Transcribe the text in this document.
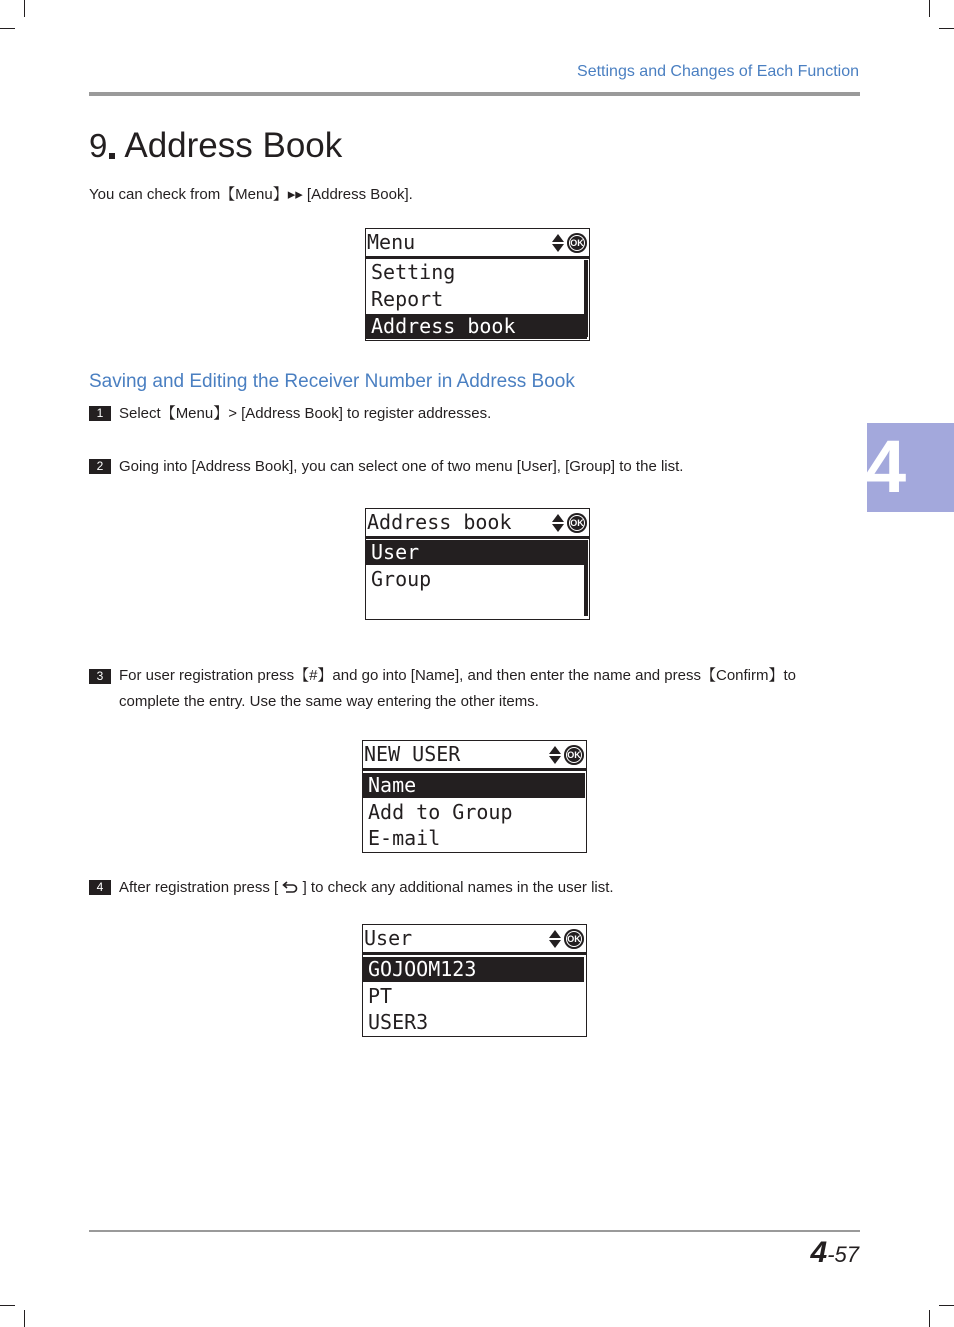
Settings and Changes of Each Function
9 Address Book
You can check from【Menu】▸▸ [Address Book].
Menu	OK
Setting
Report
Address book
Saving and Editing the Receiver Number in Address Book
1	Select【Menu】> [Address Book] to register addresses.
2	Going into [Address Book], you can select one of two menu [User], [Group] to the list.
Address book	OK
User
Group
3	For user registration press【#】and go into [Name], and then enter the name and press【Confirm】to complete the entry. Use the same way entering the other items.
NEW USER	OK
Name
Add to Group
E-mail
4	After registration press [  ] to check any additional names in the user list.
User	OK
GOJOOM123
PT
USER3
4
4-57
